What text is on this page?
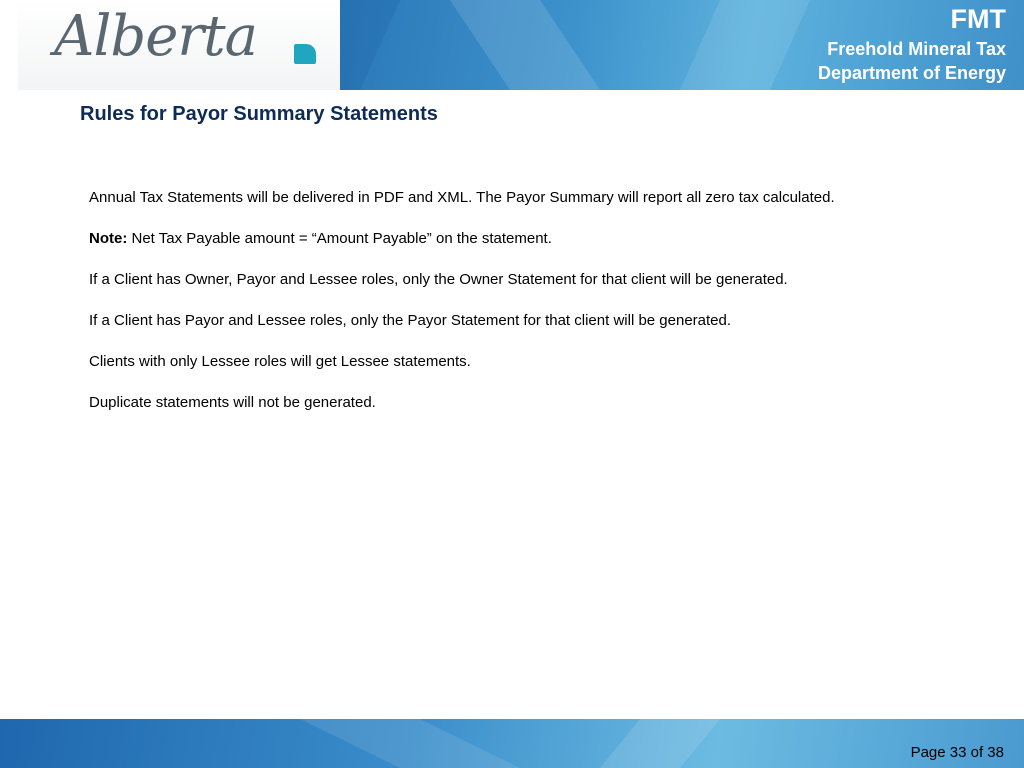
Alberta	FMT
Freehold Mineral Tax
Department of Energy
Rules for Payor Summary Statements

Annual Tax Statements will be delivered in PDF and XML. The Payor Summary will report all zero tax calculated.

Note: Net Tax Payable amount = “Amount Payable” on the statement.

If a Client has Owner, Payor and Lessee roles, only the Owner Statement for that client will be generated.

If a Client has Payor and Lessee roles, only the Payor Statement for that client will be generated.

Clients with only Lessee roles will get Lessee statements.

Duplicate statements will not be generated.

Page 33 of 38
